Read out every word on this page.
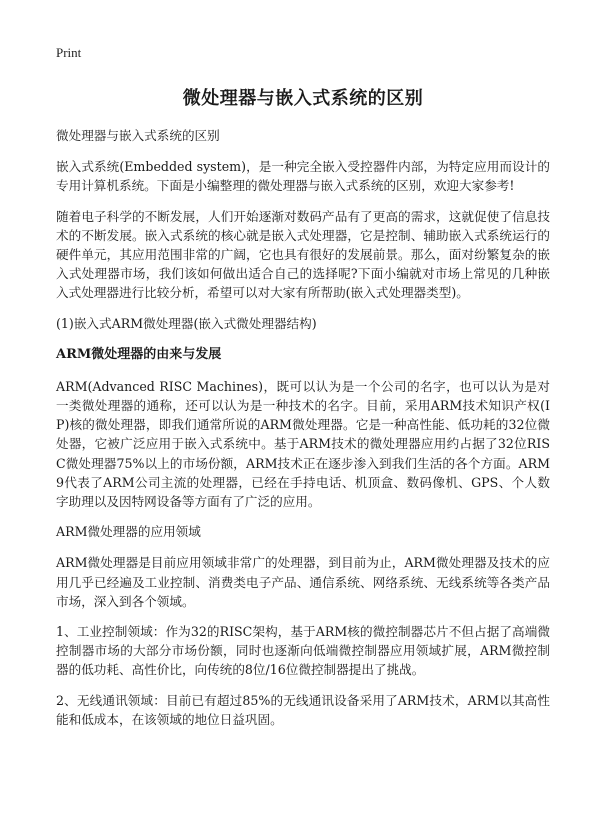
Print
微处理器与嵌入式系统的区别

微处理器与嵌入式系统的区别

嵌入式系统(Embedded system)，是一种完全嵌入受控器件内部，为特定应用而设计的专用计算机系统。下面是小编整理的微处理器与嵌入式系统的区别，欢迎大家参考!

随着电子科学的不断发展，人们开始逐渐对数码产品有了更高的需求，这就促使了信息技术的不断发展。嵌入式系统的核心就是嵌入式处理器，它是控制、辅助嵌入式系统运行的硬件单元，其应用范围非常的广阔，它也具有很好的发展前景。那么，面对纷繁复杂的嵌入式处理器市场，我们该如何做出适合自己的选择呢?下面小编就对市场上常见的几种嵌入式处理器进行比较分析，希望可以对大家有所帮助(嵌入式处理器类型)。

(1)嵌入式ARM微处理器(嵌入式微处理器结构)

ARM微处理器的由来与发展

ARM(Advanced RISC Machines)，既可以认为是一个公司的名字，也可以认为是对一类微处理器的通称，还可以认为是一种技术的名字。目前，采用ARM技术知识产权(IP)核的微处理器，即我们通常所说的ARM微处理器。它是一种高性能、低功耗的32位微处器，它被广泛应用于嵌入式系统中。基于ARM技术的微处理器应用约占据了32位RISC微处理器75%以上的市场份额，ARM技术正在逐步渗入到我们生活的各个方面。ARM9代表了ARM公司主流的处理器，已经在手持电话、机顶盒、数码像机、GPS、个人数字助理以及因特网设备等方面有了广泛的应用。

ARM微处理器的应用领域

ARM微处理器是目前应用领域非常广的处理器，到目前为止，ARM微处理器及技术的应用几乎已经遍及工业控制、消费类电子产品、通信系统、网络系统、无线系统等各类产品市场，深入到各个领域。

1、工业控制领域：作为32的RISC架构，基于ARM核的微控制器芯片不但占据了高端微控制器市场的大部分市场份额，同时也逐渐向低端微控制器应用领域扩展，ARM微控制器的低功耗、高性价比，向传统的8位/16位微控制器提出了挑战。

2、无线通讯领域：目前已有超过85%的无线通讯设备采用了ARM技术，ARM以其高性能和低成本，在该领域的地位日益巩固。
